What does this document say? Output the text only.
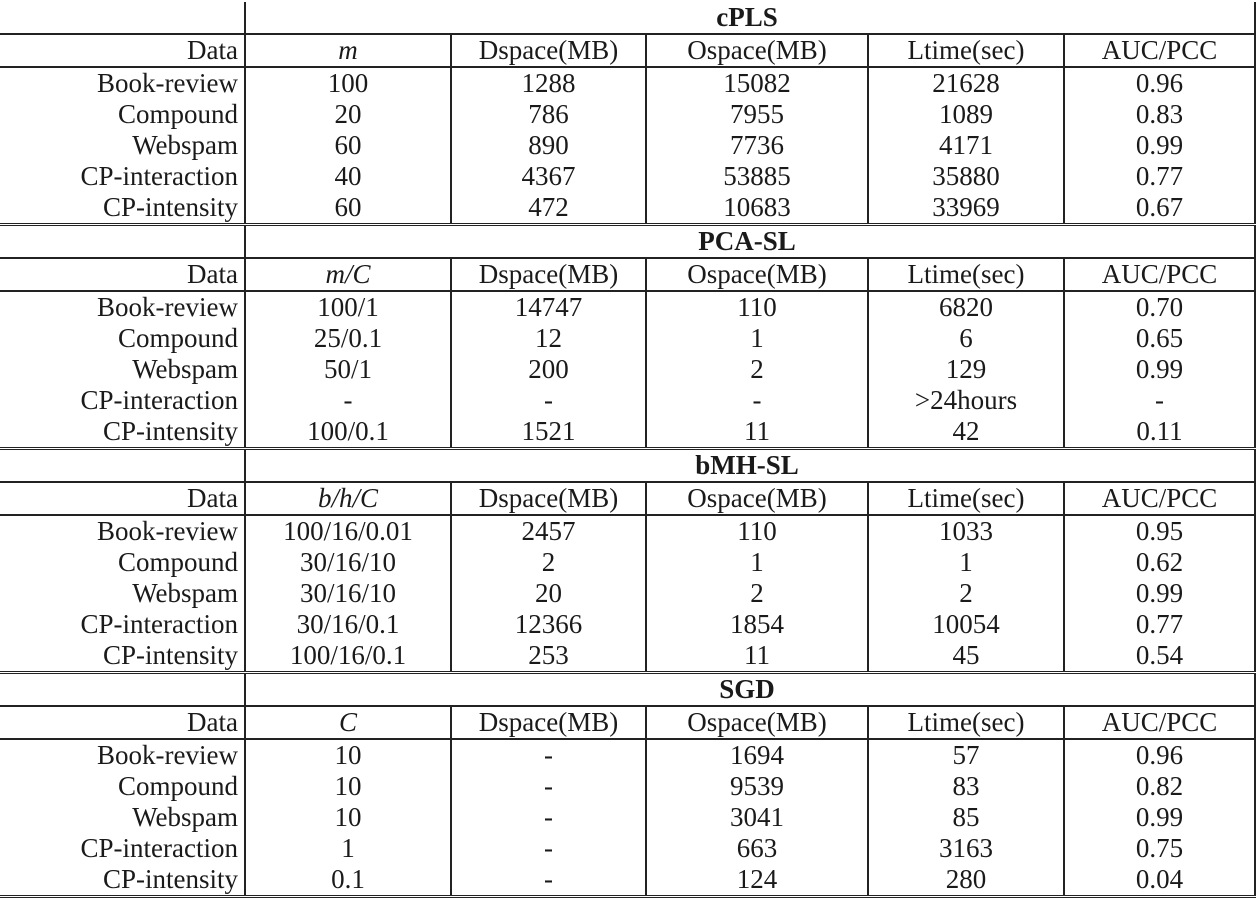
	cPLS				
Data	m	Dspace(MB)	Ospace(MB)	Ltime(sec)	AUC/PCC
Book-review	100	1288	15082	21628	0.96
Compound	20	786	7955	1089	0.83
Webspam	60	890	7736	4171	0.99
CP-interaction	40	4367	53885	35880	0.77
CP-intensity	60	472	10683	33969	0.67
	PCA-SL				
Data	m/C	Dspace(MB)	Ospace(MB)	Ltime(sec)	AUC/PCC
Book-review	100/1	14747	110	6820	0.70
Compound	25/0.1	12	1	6	0.65
Webspam	50/1	200	2	129	0.99
CP-interaction	-	-	-	>24hours	-
CP-intensity	100/0.1	1521	11	42	0.11
	bMH-SL				
Data	b/h/C	Dspace(MB)	Ospace(MB)	Ltime(sec)	AUC/PCC
Book-review	100/16/0.01	2457	110	1033	0.95
Compound	30/16/10	2	1	1	0.62
Webspam	30/16/10	20	2	2	0.99
CP-interaction	30/16/0.1	12366	1854	10054	0.77
CP-intensity	100/16/0.1	253	11	45	0.54
	SGD				
Data	C	Dspace(MB)	Ospace(MB)	Ltime(sec)	AUC/PCC
Book-review	10	-	1694	57	0.96
Compound	10	-	9539	83	0.82
Webspam	10	-	3041	85	0.99
CP-interaction	1	-	663	3163	0.75
CP-intensity	0.1	-	124	280	0.04
